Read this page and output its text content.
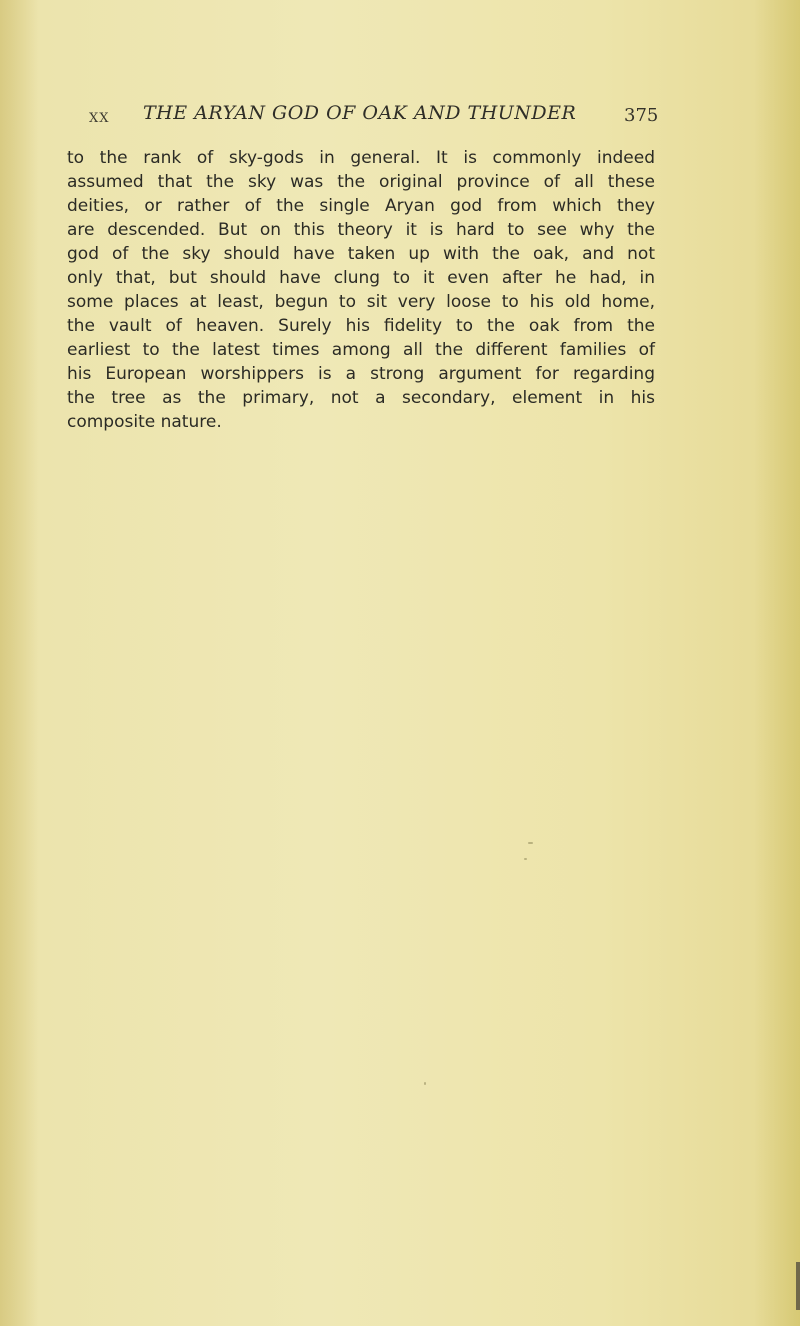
XX THE ARYAN GOD OF OAK AND THUNDER	375
to the rank of sky-gods in general. It is commonly indeed
assumed that the sky was the original province of all these
deities, or rather of the single Aryan god from which they
are descended. But on this theory it is hard to see why the
god of the sky should have taken up with the oak, and not
only that, but should have clung to it even after he had, in
some places at least, begun to sit very loose to his old home,
the vault of heaven. Surely his fidelity to the oak from the
earliest to the latest times among all the different families of
his European worshippers is a strong argument for regarding
the tree as the primary, not a secondary, element in his
composite nature.
